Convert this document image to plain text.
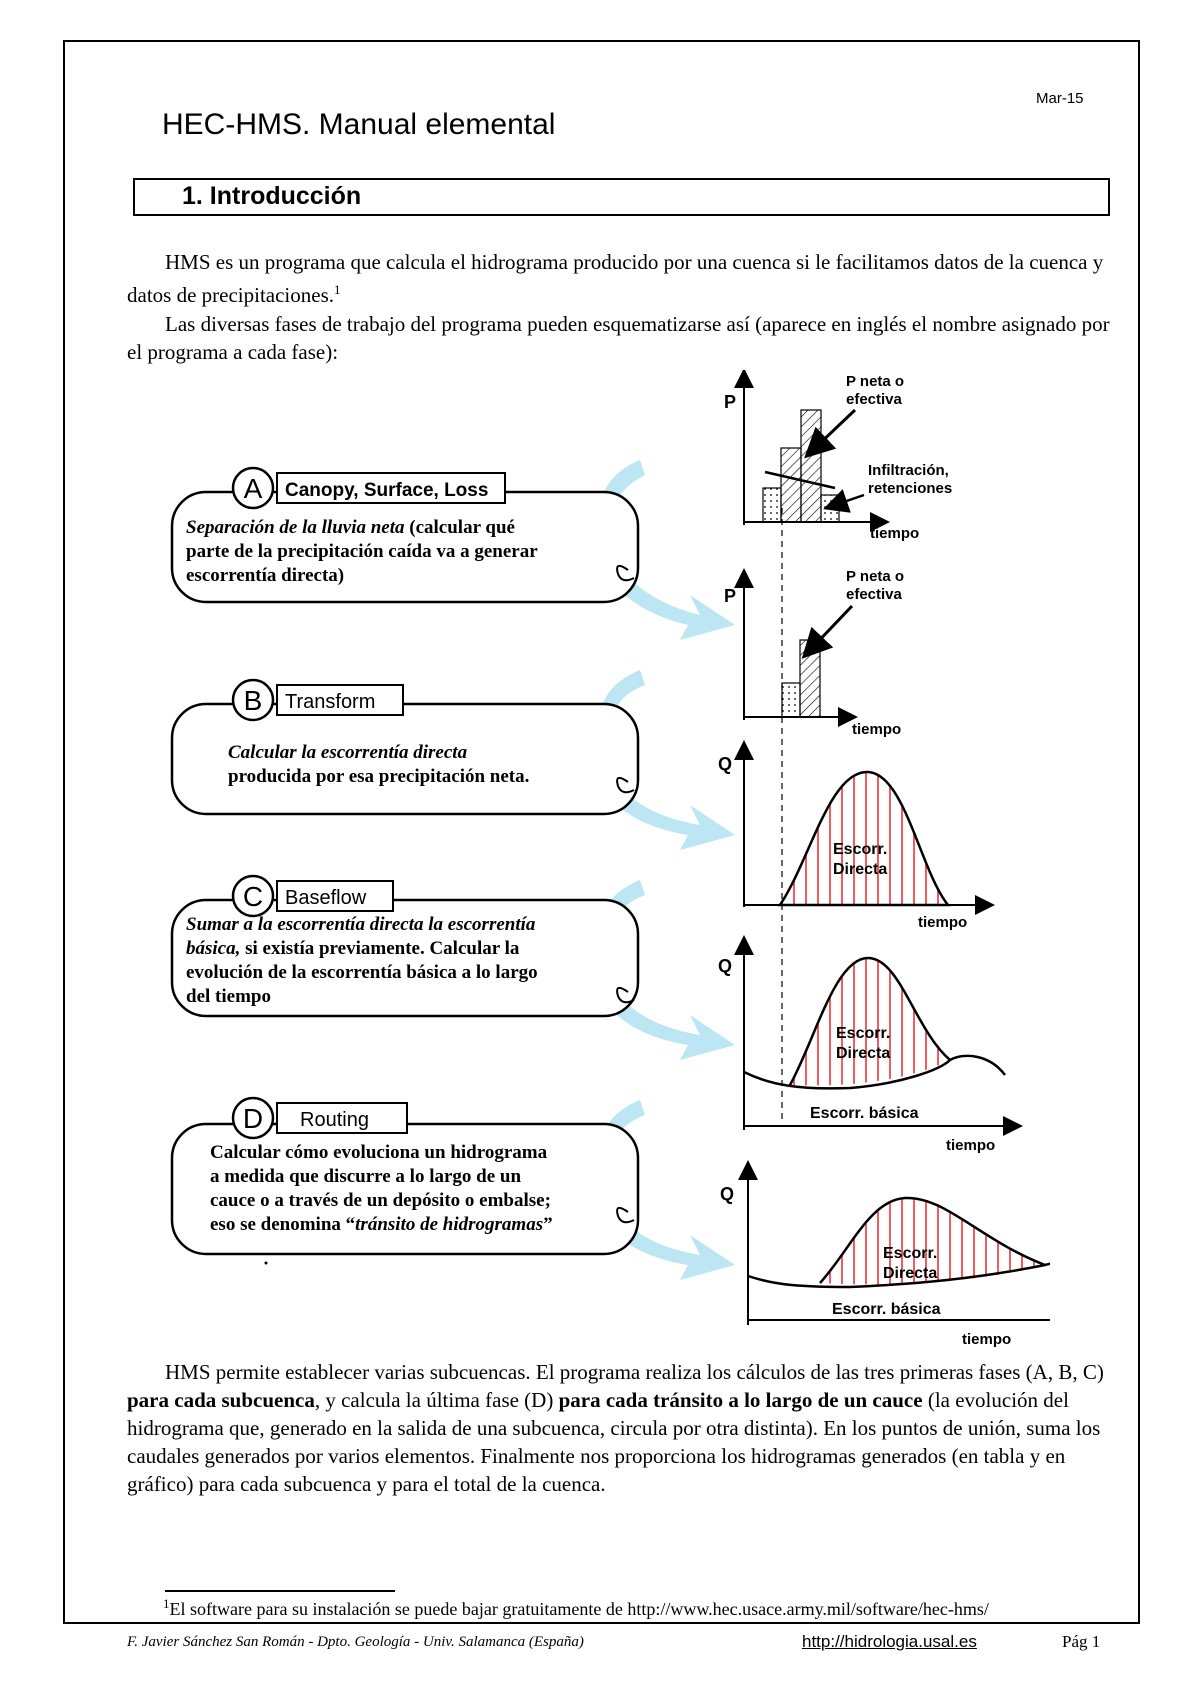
Mar-15
HEC-HMS. Manual elemental
1. Introducción

HMS es un programa que calcula el hidrograma producido por una cuenca si le facilitamos datos de la cuenca y datos de precipitaciones.$^1$

Las diversas fases de trabajo del programa pueden esquematizarse así (aparece en inglés el nombre asignado por el programa a cada fase):

A Canopy, Surface, Loss
Separación de la lluvia neta (calcular qué
parte de la precipitación caída va a generar
escorrentía directa)
B Transform
Calcular la escorrentía directa
producida por esa precipitación neta.
C Baseflow
Sumar a la escorrentía directa la escorrentía
básica, si existía previamente. Calcular la
evolución de la escorrentía básica a lo largo
del tiempo
D Routing
Calcular cómo evoluciona un hidrograma
a medida que discurre a lo largo de un
cauce o a través de un depósito o embalse;
eso se denomina “tránsito de hidrogramas”
P
tiempo
P neta o
efectiva
Infiltración,
retenciones
P
tiempo
P neta o
efectiva
Q
tiempo
Escorr.
Directa
Q
tiempo
Escorr.
Directa
Escorr. básica
Q
tiempo
Escorr.
Directa
Escorr. básica

HMS permite establecer varias subcuencas. El programa realiza los cálculos de las tres primeras fases (A, B, C) para cada subcuenca, y calcula la última fase (D) para cada tránsito a lo largo de un cauce (la evolución del hidrograma que, generado en la salida de una subcuenca, circula por otra distinta). En los puntos de unión, suma los caudales generados por varios elementos. Finalmente nos proporciona los hidrogramas generados (en tabla y en gráfico) para cada subcuenca y para el total de la cuenca.

$^1$El software para su instalación se puede bajar gratuitamente de http://www.hec.usace.army.mil/software/hec-hms/
F. Javier Sánchez San Román - Dpto. Geología - Univ. Salamanca (España)	http://hidrologia.usal.es	Pág 1
